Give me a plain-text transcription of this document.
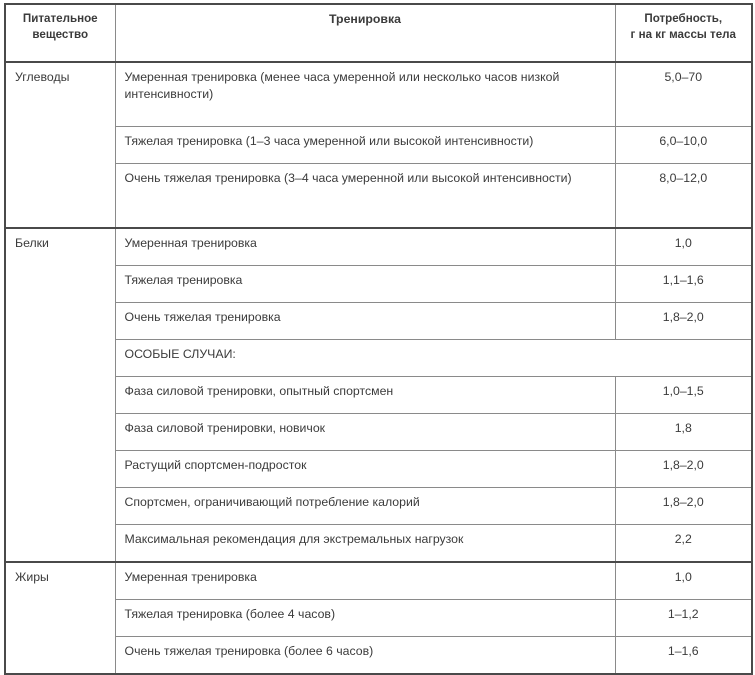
Питательное
вещество	Тренировка	Потребность,
г на кг массы тела
Углеводы	Умеренная тренировка (менее часа умеренной или несколько часов низкой интенсивности)	5,0–70
	Тяжелая тренировка (1–3 часа умеренной или высокой интенсивности)	6,0–10,0
	Очень тяжелая тренировка (3–4 часа умеренной или высокой интенсивности)	8,0–12,0
Белки	Умеренная тренировка	1,0
	Тяжелая тренировка	1,1–1,6
	Очень тяжелая тренировка	1,8–2,0
	ОСОБЫЕ СЛУЧАИ:	
	Фаза силовой тренировки, опытный спортсмен	1,0–1,5
	Фаза силовой тренировки, новичок	1,8
	Растущий спортсмен-подросток	1,8–2,0
	Спортсмен, ограничивающий потребление калорий	1,8–2,0
	Максимальная рекомендация для экстремальных нагрузок	2,2
Жиры	Умеренная тренировка	1,0
	Тяжелая тренировка (более 4 часов)	1–1,2
	Очень тяжелая тренировка (более 6 часов)	1–1,6
